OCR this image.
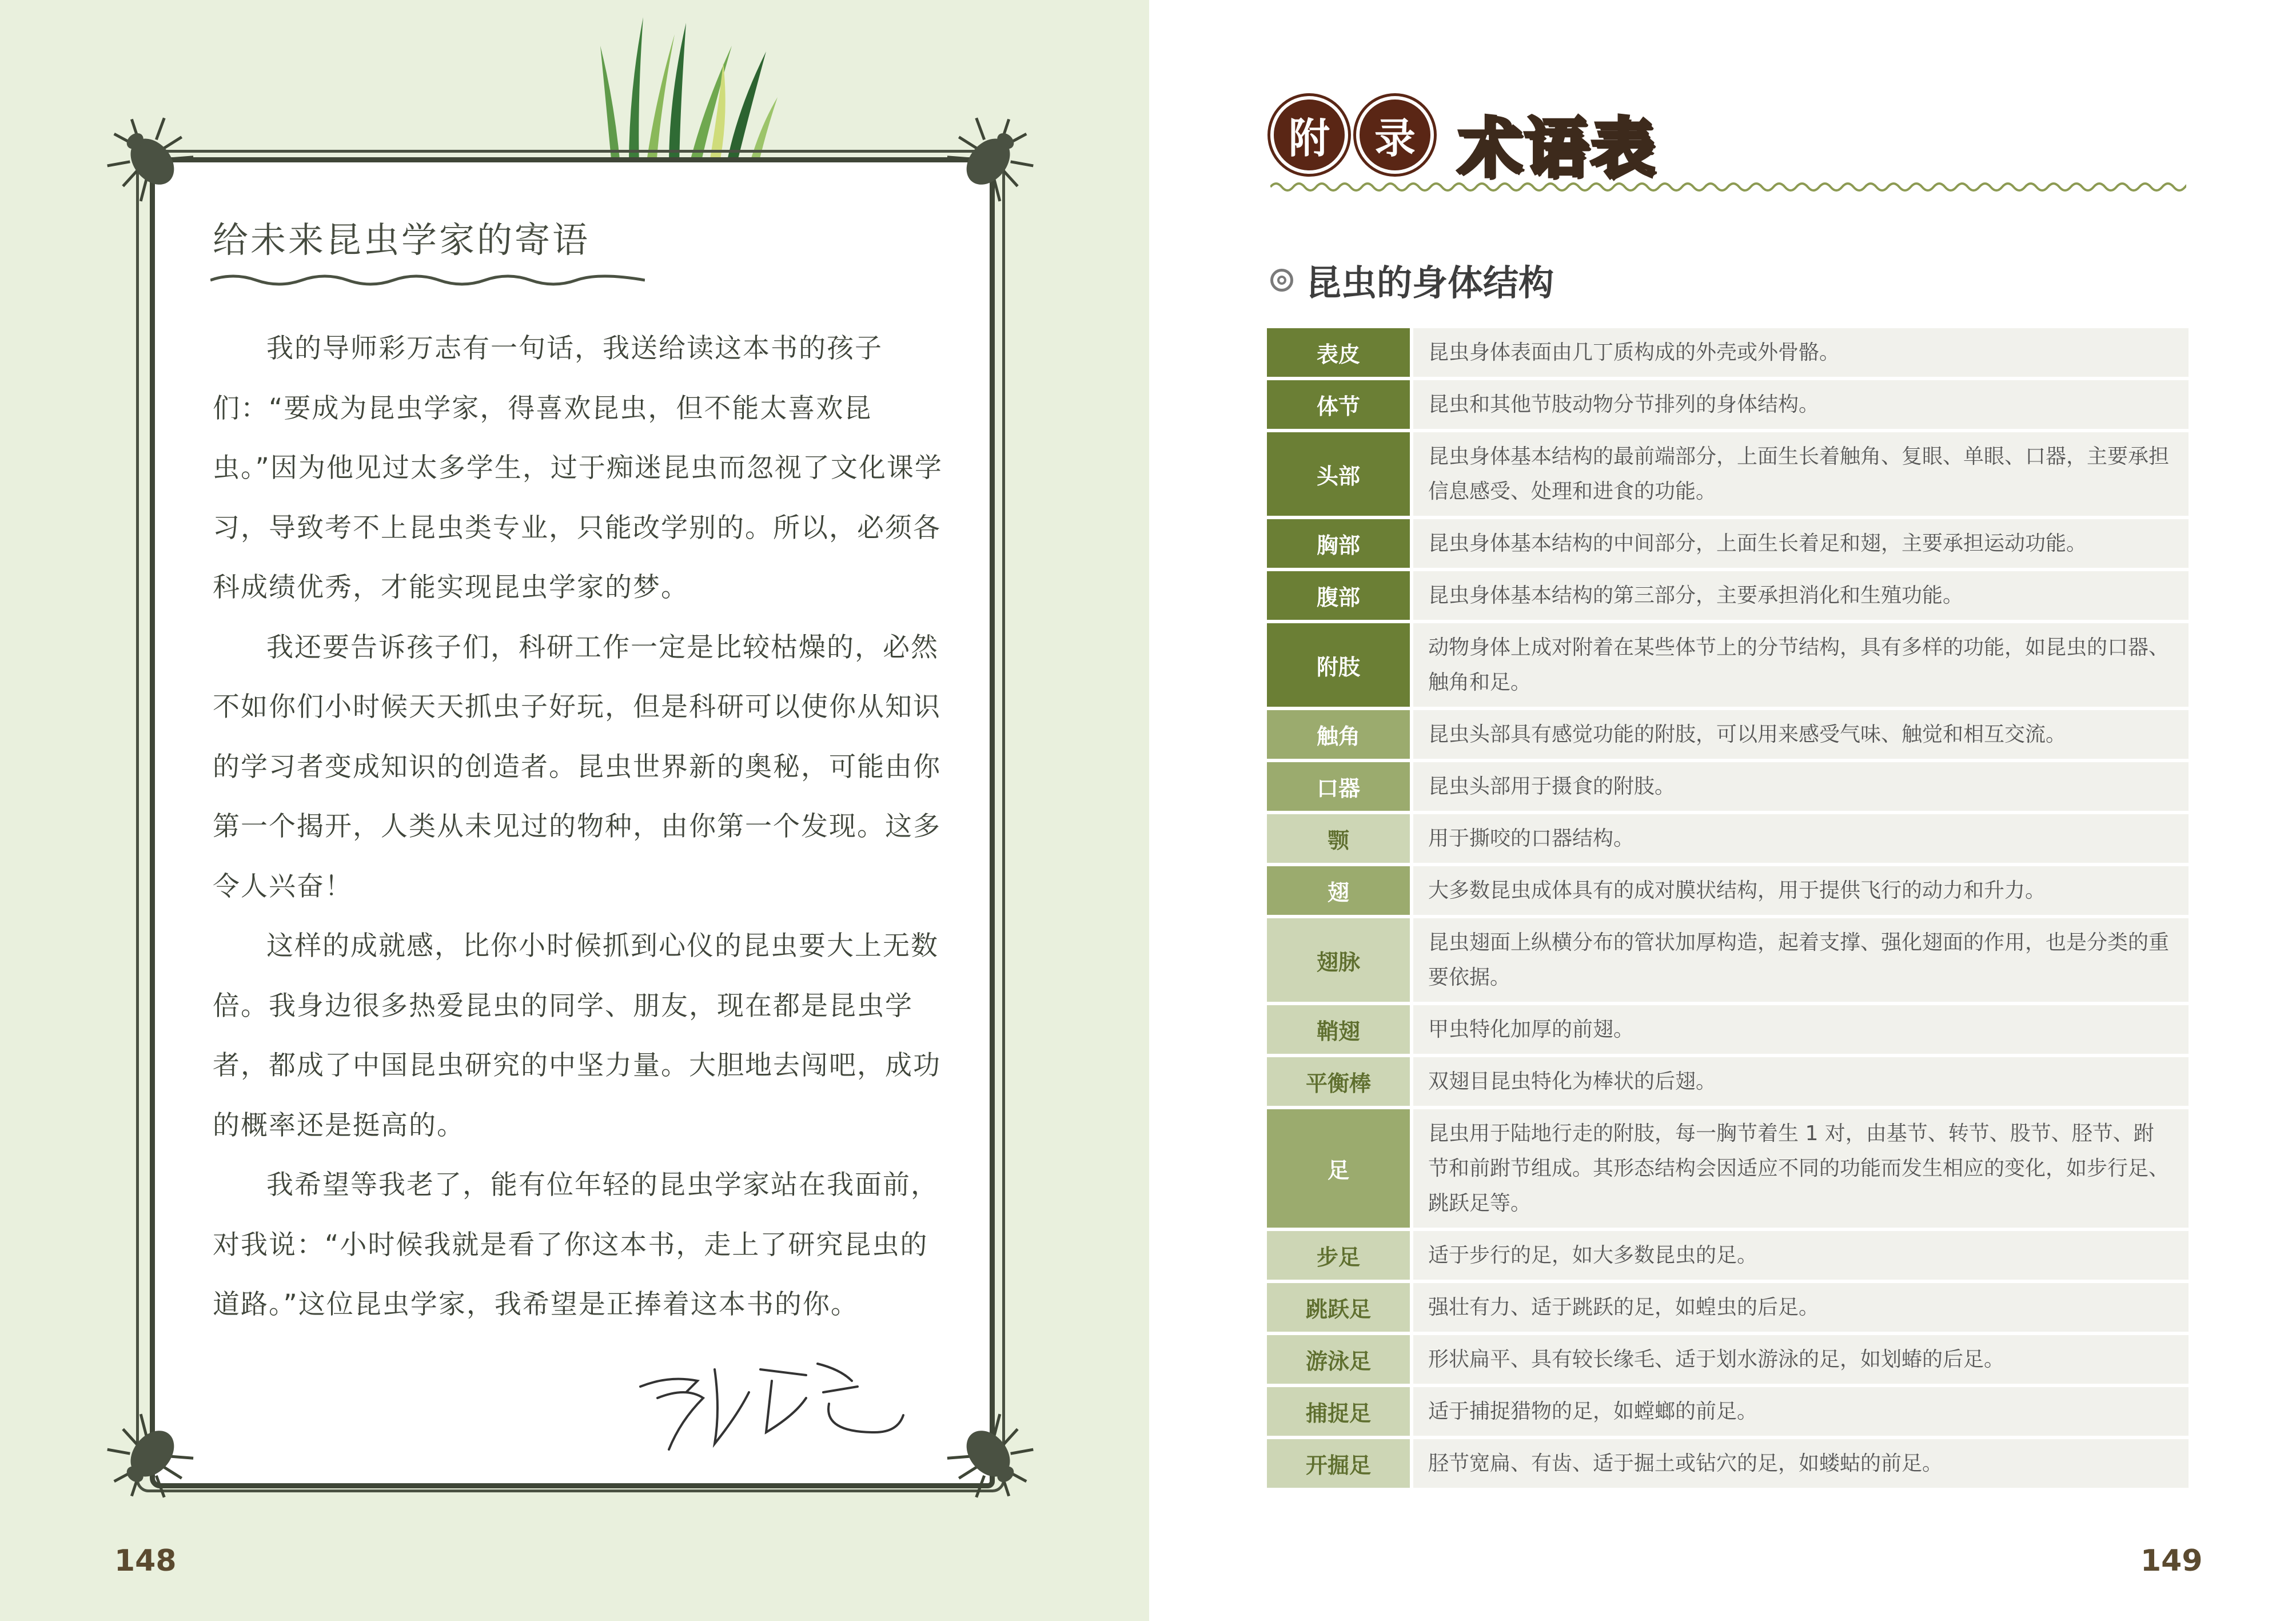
给未来昆虫学家的寄语

我的导师彩万志有一句话，我送给读这本书的孩子们：“要成为昆虫学家，得喜欢昆虫，但不能太喜欢昆虫。”因为他见过太多学生，过于痴迷昆虫而忽视了文化课学习，导致考不上昆虫类专业，只能改学别的。所以，必须各科成绩优秀，才能实现昆虫学家的梦。

我还要告诉孩子们，科研工作一定是比较枯燥的，必然不如你们小时候天天抓虫子好玩，但是科研可以使你从知识的学习者变成知识的创造者。昆虫世界新的奥秘，可能由你第一个揭开，人类从未见过的物种，由你第一个发现。这多令人兴奋！

这样的成就感，比你小时候抓到心仪的昆虫要大上无数倍。我身边很多热爱昆虫的同学、朋友，现在都是昆虫学者，都成了中国昆虫研究的中坚力量。大胆地去闯吧，成功的概率还是挺高的。

我希望等我老了，能有位年轻的昆虫学家站在我面前，对我说：“小时候我就是看了你这本书，走上了研究昆虫的道路。”这位昆虫学家，我希望是正捧着这本书的你。

148
附	录 术语表
昆虫的身体结构
表皮	昆虫身体表面由几丁质构成的外壳或外骨骼。
体节	昆虫和其他节肢动物分节排列的身体结构。
头部	昆虫身体基本结构的最前端部分，上面生长着触角、复眼、单眼、口器，主要承担信息感受、处理和进食的功能。
胸部	昆虫身体基本结构的中间部分，上面生长着足和翅，主要承担运动功能。
腹部	昆虫身体基本结构的第三部分，主要承担消化和生殖功能。
附肢	动物身体上成对附着在某些体节上的分节结构，具有多样的功能，如昆虫的口器、触角和足。
触角	昆虫头部具有感觉功能的附肢，可以用来感受气味、触觉和相互交流。
口器	昆虫头部用于摄食的附肢。
颚	用于撕咬的口器结构。
翅	大多数昆虫成体具有的成对膜状结构，用于提供飞行的动力和升力。
翅脉	昆虫翅面上纵横分布的管状加厚构造，起着支撑、强化翅面的作用，也是分类的重要依据。
鞘翅	甲虫特化加厚的前翅。
平衡棒	双翅目昆虫特化为棒状的后翅。
足	昆虫用于陆地行走的附肢，每一胸节着生 1 对，由基节、转节、股节、胫节、跗节和前跗节组成。其形态结构会因适应不同的功能而发生相应的变化，如步行足、跳跃足等。
步足	适于步行的足，如大多数昆虫的足。
跳跃足	强壮有力、适于跳跃的足，如蝗虫的后足。
游泳足	形状扁平、具有较长缘毛、适于划水游泳的足，如划蝽的后足。
捕捉足	适于捕捉猎物的足，如螳螂的前足。
开掘足	胫节宽扁、有齿、适于掘土或钻穴的足，如蝼蛄的前足。
149
